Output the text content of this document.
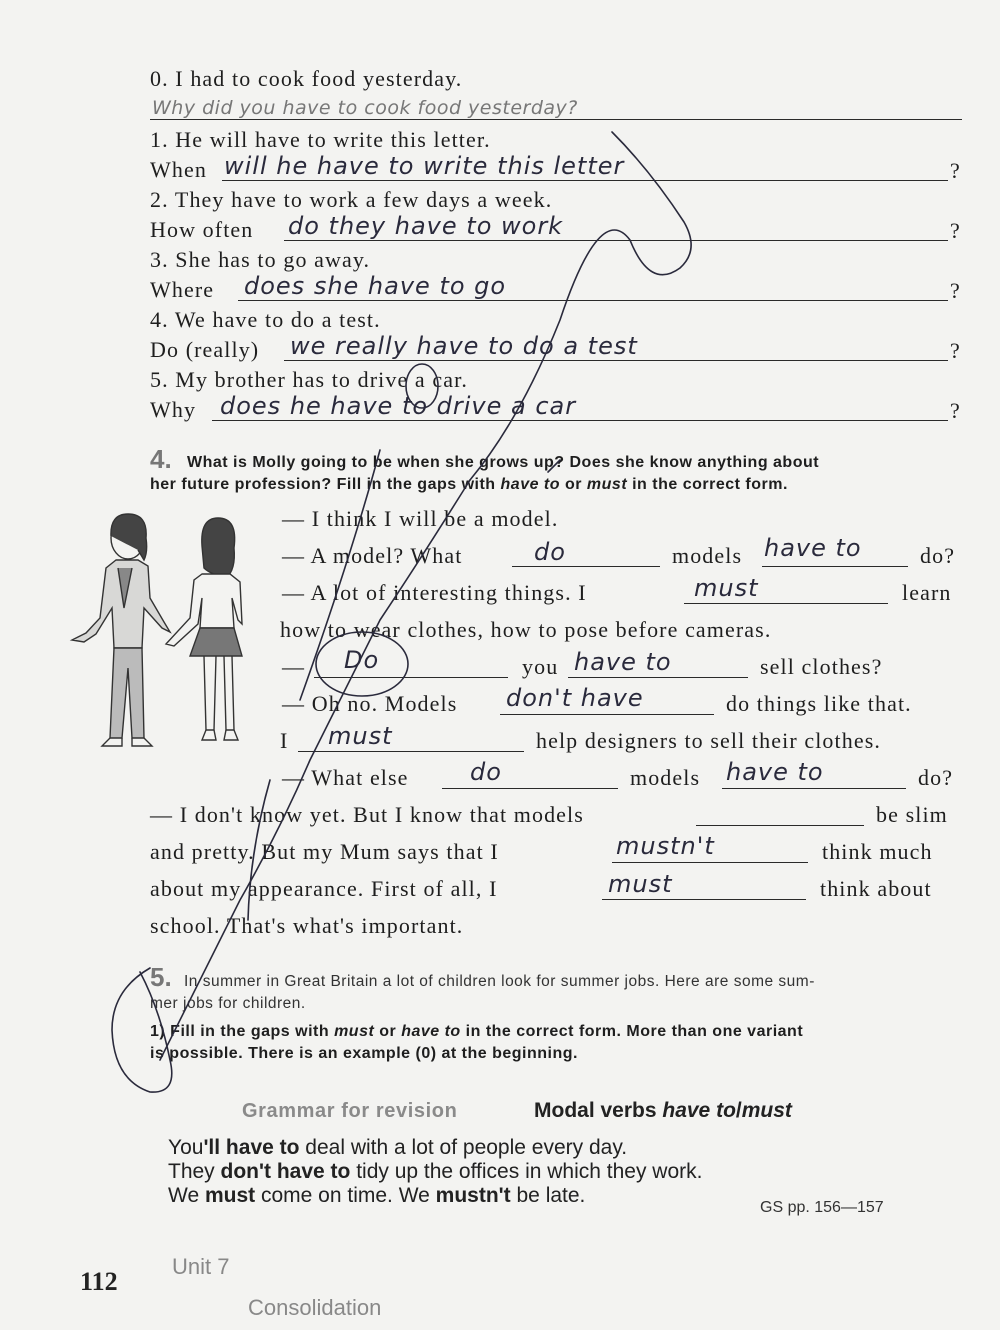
0. I had to cook food yesterday.
Why did you have to cook food yesterday?
1. He will have to write this letter.
When will he have to write this letter	?
2. They have to work a few days a week.
How often do they have to work	?
3. She has to go away.
Where does she have to go	?
4. We have to do a test.
Do (really) we really have to do a test	?
5. My brother has to drive a car.
Why does he have to drive a car	?
4. What is Molly going to be when she grows up? Does she know anything about
her future profession? Fill in the gaps with have to or must in the correct form.
— I think I will be a model.
— A model? What	do	models have to	do?
— A lot of interesting things. I	must	learn
how to wear clothes, how to pose before cameras.
— Do	you have to	sell clothes?
— Oh no. Models don't have	do things like that.
I must	help designers to sell their clothes.
— What else	do	models have to	do?
— I don't know yet. But I know that models	be slim
and pretty. But my Mum says that I	mustn't	think much
about my appearance. First of all, I	must	think about
school. That's what's important.
5. In summer in Great Britain a lot of children look for summer jobs. Here are some sum-
mer jobs for children.
1) Fill in the gaps with must or have to in the correct form. More than one variant
is possible. There is an example (0) at the beginning.
Grammar for revision	Modal verbs have to/must
You'll have to deal with a lot of people every day.
They don't have to tidy up the offices in which they work.
We must come on time. We mustn't be late.
GS pp. 156—157
112
Unit 7
Consolidation
